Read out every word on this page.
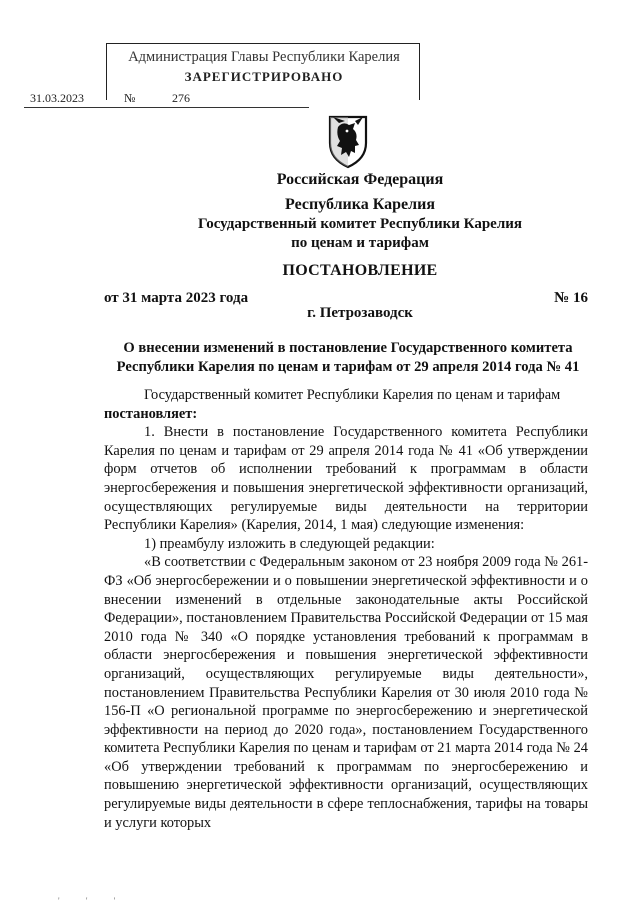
Администрация Главы Республики Карелия
ЗАРЕГИСТРИРОВАНО
31.03.2023	№	276
Российская Федерация
Республика Карелия
Государственный комитет Республики Карелия
по ценам и тарифам
ПОСТАНОВЛЕНИЕ
от 31 марта 2023 года	№ 16
г. Петрозаводск
О внесении изменений в постановление Государственного комитета Республики Карелия по ценам и тарифам от 29 апреля 2014 года № 41

Государственный комитет Республики Карелия по ценам и тарифам

постановляет:

1. Внести в постановление Государственного комитета Республики Карелия по ценам и тарифам от 29 апреля 2014 года № 41 «Об утверждении форм отчетов об исполнении требований к программам в области энергосбережения и повышения энергетической эффективности организаций, осуществляющих регулируемые виды деятельности на территории Республики Карелия» (Карелия, 2014, 1 мая) следующие изменения:

1) преамбулу изложить в следующей редакции:

«В соответствии с Федеральным законом от 23 ноября 2009 года № 261-ФЗ «Об энергосбережении и о повышении энергетической эффективности и о внесении изменений в отдельные законодательные акты Российской Федерации», постановлением Правительства Российской Федерации от 15 мая 2010 года № 340 «О порядке установления требований к программам в области энергосбережения и повышения энергетической эффективности организаций, осуществляющих регулируемые виды деятельности», постановлением Правительства Республики Карелия от 30 июля 2010 года № 156-П «О региональной программе по энергосбережению и энергетической эффективности на период до 2020 года», постановлением Государственного комитета Республики Карелия по ценам и тарифам от 21 марта 2014 года № 24 «Об утверждении требований к программам по энергосбережению и повышению энергетической эффективности организаций, осуществляющих регулируемые виды деятельности в сфере теплоснабжения, тарифы на товары и услуги которых

' ' '
